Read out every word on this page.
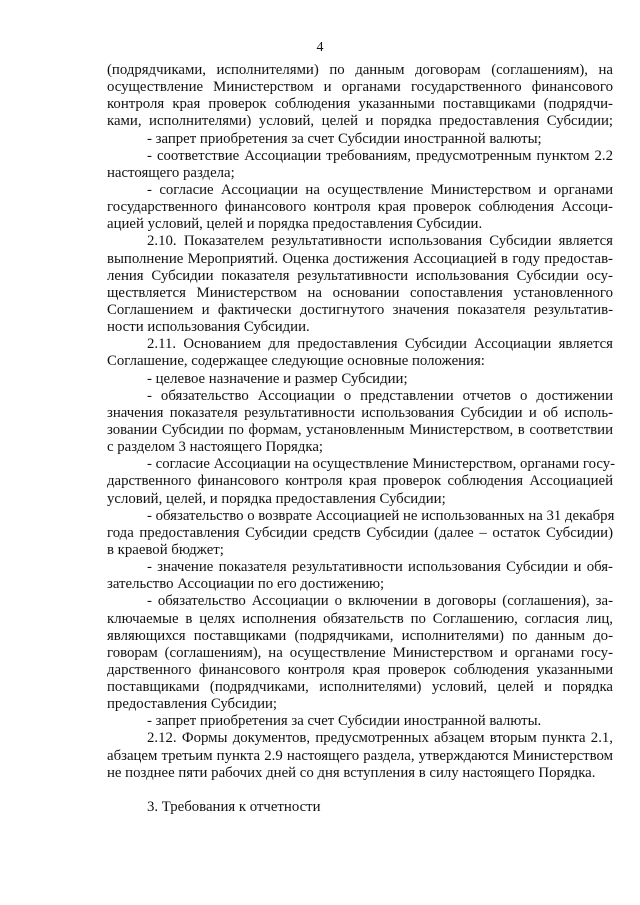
4
(подрядчиками, исполнителями) по данным договорам (соглашениям), на
осуществление Министерством и органами государственного финансового
контроля края проверок соблюдения указанными поставщиками (подрядчи-
ками, исполнителями) условий, целей и порядка предоставления Субсидии;
- запрет приобретения за счет Субсидии иностранной валюты;
- соответствие Ассоциации требованиям, предусмотренным пунктом 2.2
настоящего раздела;
- согласие Ассоциации на осуществление Министерством и органами
государственного финансового контроля края проверок соблюдения Ассоци-
ацией условий, целей и порядка предоставления Субсидии.
2.10. Показателем результативности использования Субсидии является
выполнение Мероприятий. Оценка достижения Ассоциацией в году предостав-
ления Субсидии показателя результативности использования Субсидии осу-
ществляется Министерством на основании сопоставления установленного
Соглашением и фактически достигнутого значения показателя результатив-
ности использования Субсидии.
2.11. Основанием для предоставления Субсидии Ассоциации является
Соглашение, содержащее следующие основные положения:
- целевое назначение и размер Субсидии;
- обязательство Ассоциации о представлении отчетов о достижении
значения показателя результативности использования Субсидии и об исполь-
зовании Субсидии по формам, установленным Министерством, в соответствии
с разделом 3 настоящего Порядка;
- согласие Ассоциации на осуществление Министерством, органами госу-
дарственного финансового контроля края проверок соблюдения Ассоциацией
условий, целей, и порядка предоставления Субсидии;
- обязательство о возврате Ассоциацией не использованных на 31 декабря
года предоставления Субсидии средств Субсидии (далее – остаток Субсидии)
в краевой бюджет;
- значение показателя результативности использования Субсидии и обя-
зательство Ассоциации по его достижению;
- обязательство Ассоциации о включении в договоры (соглашения), за-
ключаемые в целях исполнения обязательств по Соглашению, согласия лиц,
являющихся поставщиками (подрядчиками, исполнителями) по данным до-
говорам (соглашениям), на осуществление Министерством и органами госу-
дарственного финансового контроля края проверок соблюдения указанными
поставщиками (подрядчиками, исполнителями) условий, целей и порядка
предоставления Субсидии;
- запрет приобретения за счет Субсидии иностранной валюты.
2.12. Формы документов, предусмотренных абзацем вторым пункта 2.1,
абзацем третьим пункта 2.9 настоящего раздела, утверждаются Министерством
не позднее пяти рабочих дней со дня вступления в силу настоящего Порядка.
3. Требования к отчетности
